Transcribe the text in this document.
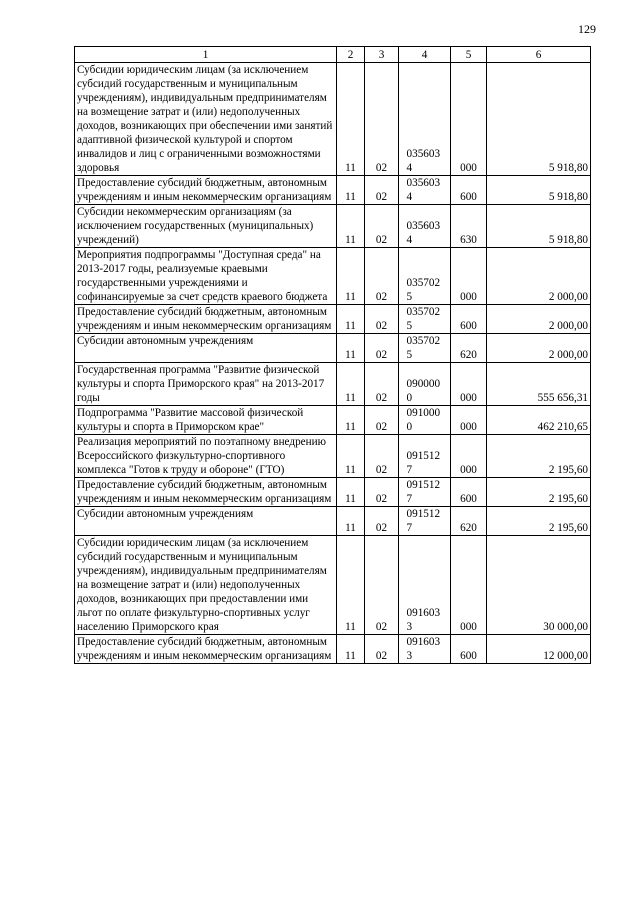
129
1	2	3	4	5	6
Субсидии юридическим лицам (за исключением субсидий государственным и муниципальным учреждениям), индивидуальным предпринимателям на возмещение затрат и (или) недополученных доходов, возникающих при обеспечении ими занятий адаптивной физической культурой и спортом инвалидов и лиц с ограниченными возможностями здоровья	11	02	0356034	000	5 918,80
Предоставление субсидий бюджетным, автономным учреждениям и иным некоммерческим организациям	11	02	0356034	600	5 918,80
Субсидии некоммерческим организациям (за исключением государственных (муниципальных) учреждений)	11	02	0356034	630	5 918,80
Мероприятия подпрограммы "Доступная среда" на 2013-2017 годы, реализуемые краевыми государственными учреждениями и софинансируемые за счет средств краевого бюджета	11	02	0357025	000	2 000,00
Предоставление субсидий бюджетным, автономным учреждениям и иным некоммерческим организациям	11	02	0357025	600	2 000,00
Субсидии автономным учреждениям	11	02	0357025	620	2 000,00
Государственная программа "Развитие физической культуры и спорта Приморского края" на 2013-2017 годы	11	02	0900000	000	555 656,31
Подпрограмма "Развитие массовой физической культуры и спорта в Приморском крае"	11	02	0910000	000	462 210,65
Реализация мероприятий по поэтапному внедрению Всероссийского физкультурно-спортивного комплекса "Готов к труду и обороне" (ГТО)	11	02	0915127	000	2 195,60
Предоставление субсидий бюджетным, автономным учреждениям и иным некоммерческим организациям	11	02	0915127	600	2 195,60
Субсидии автономным учреждениям	11	02	0915127	620	2 195,60
Субсидии юридическим лицам (за исключением субсидий государственным и муниципальным учреждениям), индивидуальным предпринимателям на возмещение затрат и (или) недополученных доходов, возникающих при предоставлении ими льгот по оплате физкультурно-спортивных услуг населению Приморского края	11	02	0916033	000	30 000,00
Предоставление субсидий бюджетным, автономным учреждениям и иным некоммерческим организациям	11	02	0916033	600	12 000,00
